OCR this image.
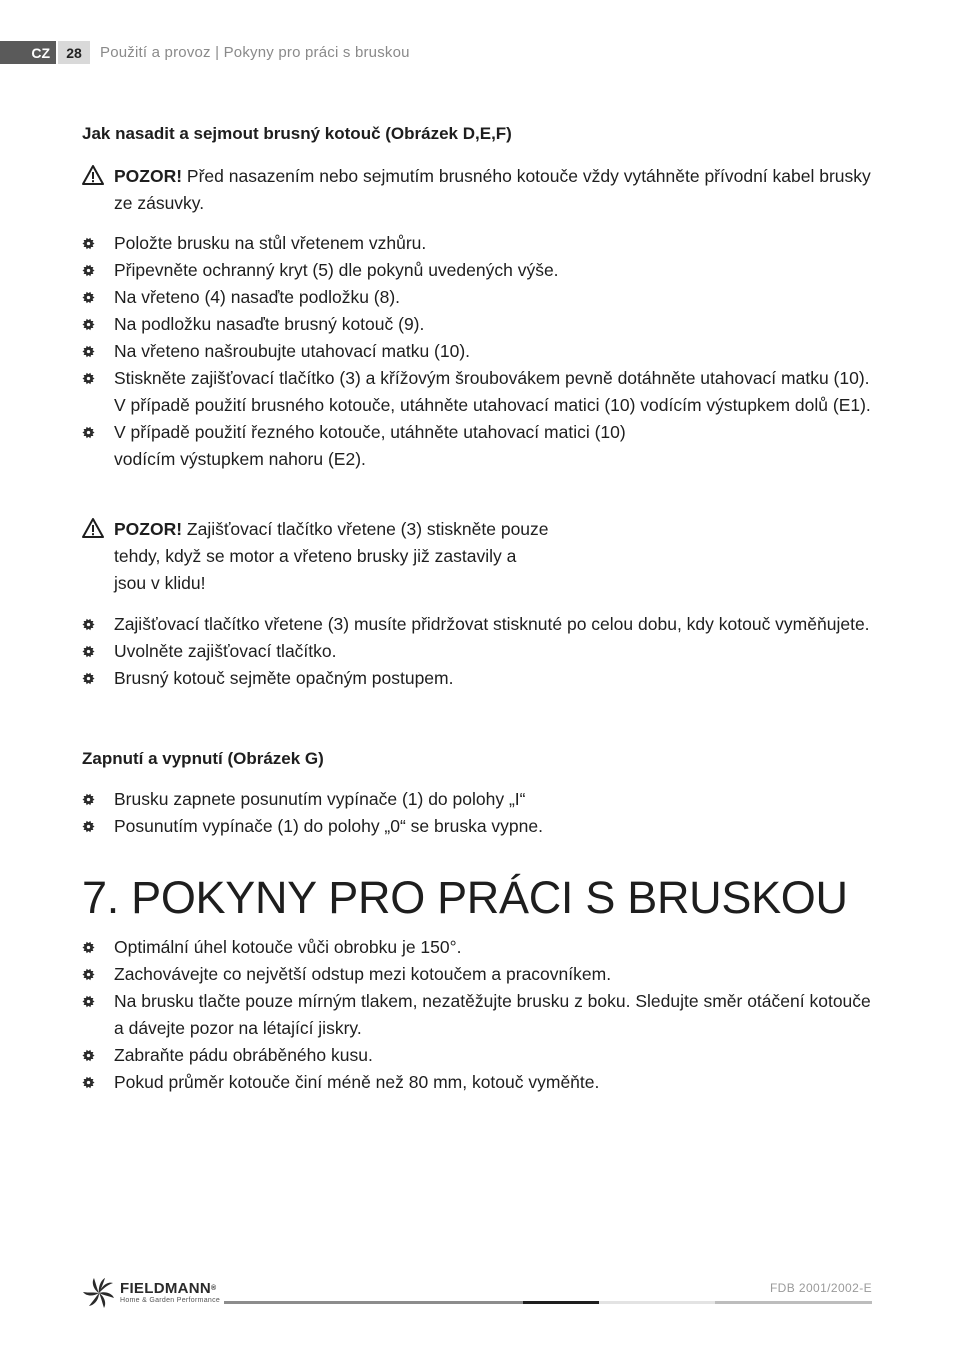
CZ	28	Použití a provoz | Pokyny pro práci s bruskou
Jak nasadit a sejmout brusný kotouč (Obrázek D,E,F)
POZOR! Před nasazením nebo sejmutím brusného kotouče vždy vytáhněte přívodní kabel brusky ze zásuvky.
Položte brusku na stůl vřetenem vzhůru.
Připevněte ochranný kryt (5) dle pokynů uvedených výše.
Na vřeteno (4) nasaďte podložku (8).
Na podložku nasaďte brusný kotouč (9).
Na vřeteno našroubujte utahovací matku (10).
Stiskněte zajišťovací tlačítko (3) a křížovým šroubovákem pevně dotáhněte utahovací matku (10). V případě použití brusného kotouče, utáhněte utahovací matici (10) vodícím výstupkem dolů (E1).
V případě použití řezného kotouče, utáhněte utahovací matici (10)
vodícím výstupkem nahoru (E2).
POZOR! Zajišťovací tlačítko vřetene (3) stiskněte pouze
tehdy, když se motor a vřeteno brusky již zastavily a
jsou v klidu!
Zajišťovací tlačítko vřetene (3) musíte přidržovat stisknuté po celou dobu, kdy kotouč vyměňujete.
Uvolněte zajišťovací tlačítko.
Brusný kotouč sejměte opačným postupem.
Zapnutí a vypnutí (Obrázek G)
Brusku zapnete posunutím vypínače (1) do polohy „I“
Posunutím vypínače (1) do polohy „0“ se bruska vypne.
7. POKYNY PRO PRÁCI S BRUSKOU
Optimální úhel kotouče vůči obrobku je 150°.
Zachovávejte co největší odstup mezi kotoučem a pracovníkem.
Na brusku tlačte pouze mírným tlakem, nezatěžujte brusku z boku. Sledujte směr otáčení kotouče a dávejte pozor na létající jiskry.
Zabraňte pádu obráběného kusu.
Pokud průměr kotouče činí méně než 80 mm, kotouč vyměňte.
FIELDMANN®
Home & Garden Performance
FDB 2001/2002-E
